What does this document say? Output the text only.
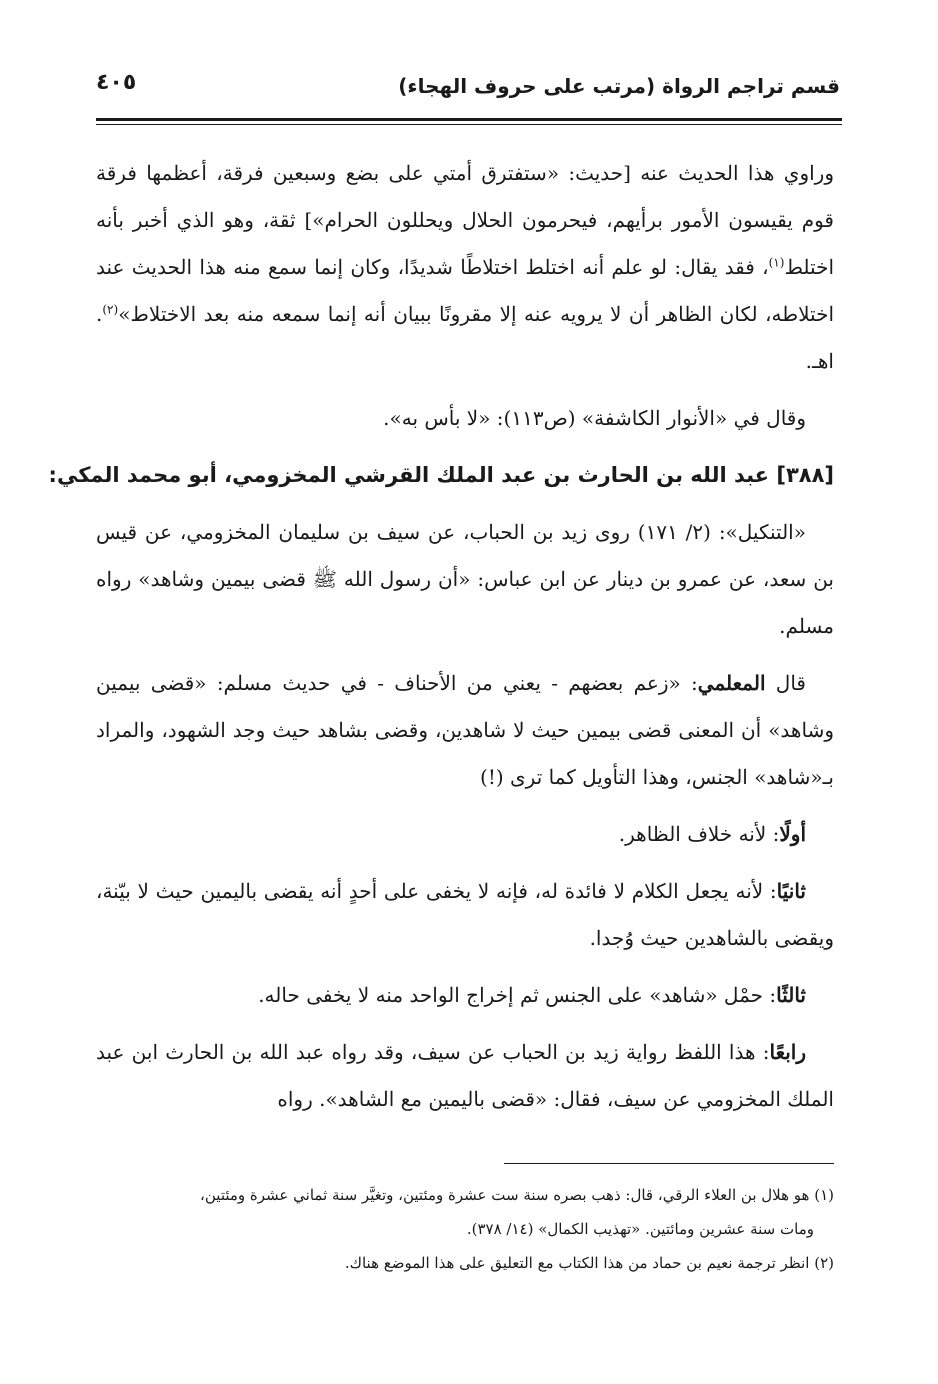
قسم تراجم الرواة (مرتب على حروف الهجاء)
٤٠٥

وراوي هذا الحديث عنه [حديث: «ستفترق أمتي على بضع وسبعين فرقة، أعظمها فرقة قوم يقيسون الأمور برأيهم، فيحرمون الحلال ويحللون الحرام»] ثقة، وهو الذي أخبر بأنه اختلط$^{(١)}$، فقد يقال: لو علم أنه اختلط اختلاطًا شديدًا، وكان إنما سمع منه هذا الحديث عند اختلاطه، لكان الظاهر أن لا يرويه عنه إلا مقرونًا ببيان أنه إنما سمعه منه بعد الاختلاط»$^{(٢)}$. اهـ.

وقال في «الأنوار الكاشفة» (ص١١٣): «لا بأس به».

[٣٨٨] عبد الله بن الحارث بن عبد الملك القرشي المخزومي، أبو محمد المكي:

«التنكيل»: (٢/ ١٧١) روى زيد بن الحباب، عن سيف بن سليمان المخزومي، عن قيس بن سعد، عن عمرو بن دينار عن ابن عباس: «أن رسول الله ﷺ قضى بيمين وشاهد» رواه مسلم.

قال المعلمي: «زعم بعضهم - يعني من الأحناف - في حديث مسلم: «قضى بيمين وشاهد» أن المعنى قضى بيمين حيث لا شاهدين، وقضى بشاهد حيث وجد الشهود، والمراد بـ«شاهد» الجنس، وهذا التأويل كما ترى (!)

أولًا: لأنه خلاف الظاهر.

ثانيًا: لأنه يجعل الكلام لا فائدة له، فإنه لا يخفى على أحدٍ أنه يقضى باليمين حيث لا بيّنة، ويقضى بالشاهدين حيث وُجدا.

ثالثًا: حمْل «شاهد» على الجنس ثم إخراج الواحد منه لا يخفى حاله.

رابعًا: هذا اللفظ رواية زيد بن الحباب عن سيف، وقد رواه عبد الله بن الحارث ابن عبد الملك المخزومي عن سيف، فقال: «قضى باليمين مع الشاهد». رواه

(١) هو هلال بن العلاء الرقي، قال: ذهب بصره سنة ست عشرة ومئتين، وتغيَّر سنة ثماني عشرة ومئتين،

ومات سنة عشرين ومائتين. «تهذيب الكمال» (١٤/ ٣٧٨).

(٢) انظر ترجمة نعيم بن حماد من هذا الكتاب مع التعليق على هذا الموضع هناك.
